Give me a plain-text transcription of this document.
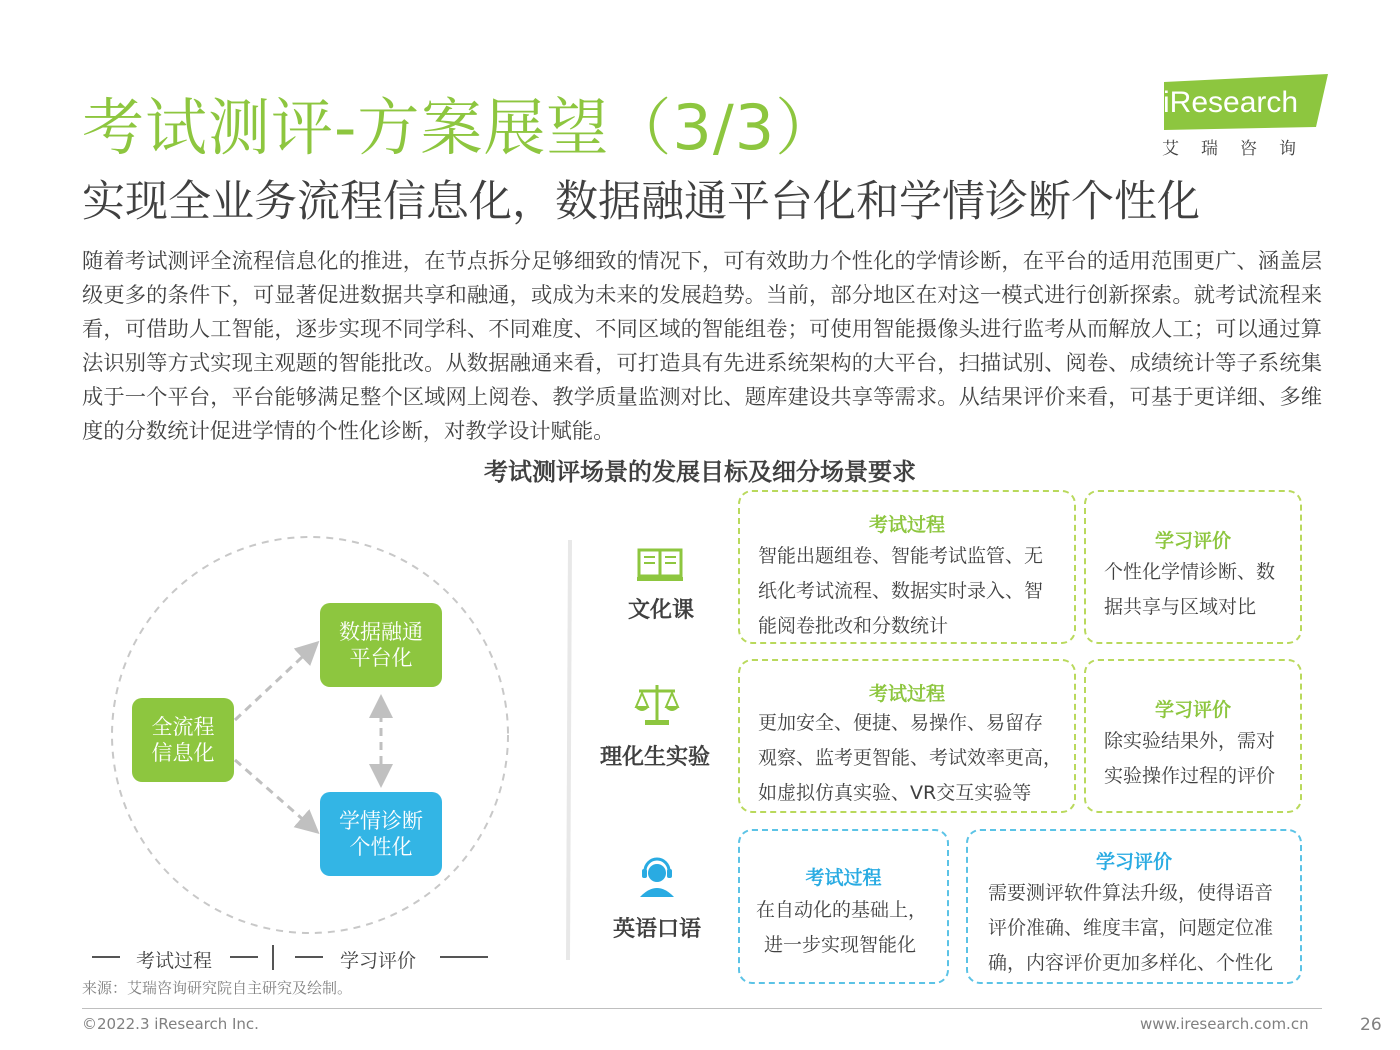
考试测评-方案展望（3/3）
实现全业务流程信息化，数据融通平台化和学情诊断个性化
iResearch
艾瑞咨询
随着考试测评全流程信息化的推进，在节点拆分足够细致的情况下，可有效助力个性化的学情诊断，在平台的适用范围更广、涵盖层级更多的条件下，可显著促进数据共享和融通，或成为未来的发展趋势。当前，部分地区在对这一模式进行创新探索。就考试流程来看，可借助人工智能，逐步实现不同学科、不同难度、不同区域的智能组卷；可使用智能摄像头进行监考从而解放人工；可以通过算法识别等方式实现主观题的智能批改。从数据融通来看，可打造具有先进系统架构的大平台，扫描试别、阅卷、成绩统计等子系统集成于一个平台，平台能够满足整个区域网上阅卷、教学质量监测对比、题库建设共享等需求。从结果评价来看，可基于更详细、多维度的分数统计促进学情的个性化诊断，对教学设计赋能。
考试测评场景的发展目标及细分场景要求
全流程
信息化
数据融通
平台化
学情诊断
个性化
考试过程	学习评价
文化课
理化生实验
英语口语
考试过程
智能出题组卷、智能考试监管、无
纸化考试流程、数据实时录入、智
能阅卷批改和分数统计
学习评价
个性化学情诊断、数
据共享与区域对比
考试过程
更加安全、便捷、易操作、易留存
观察、监考更智能、考试效率更高，
如虚拟仿真实验、VR交互实验等
学习评价
除实验结果外，需对
实验操作过程的评价
考试过程
在自动化的基础上，
进一步实现智能化
学习评价
需要测评软件算法升级，使得语音
评价准确、维度丰富，问题定位准
确，内容评价更加多样化、个性化
来源：艾瑞咨询研究院自主研究及绘制。
©2022.3 iResearch Inc.	www.iresearch.com.cn	26
